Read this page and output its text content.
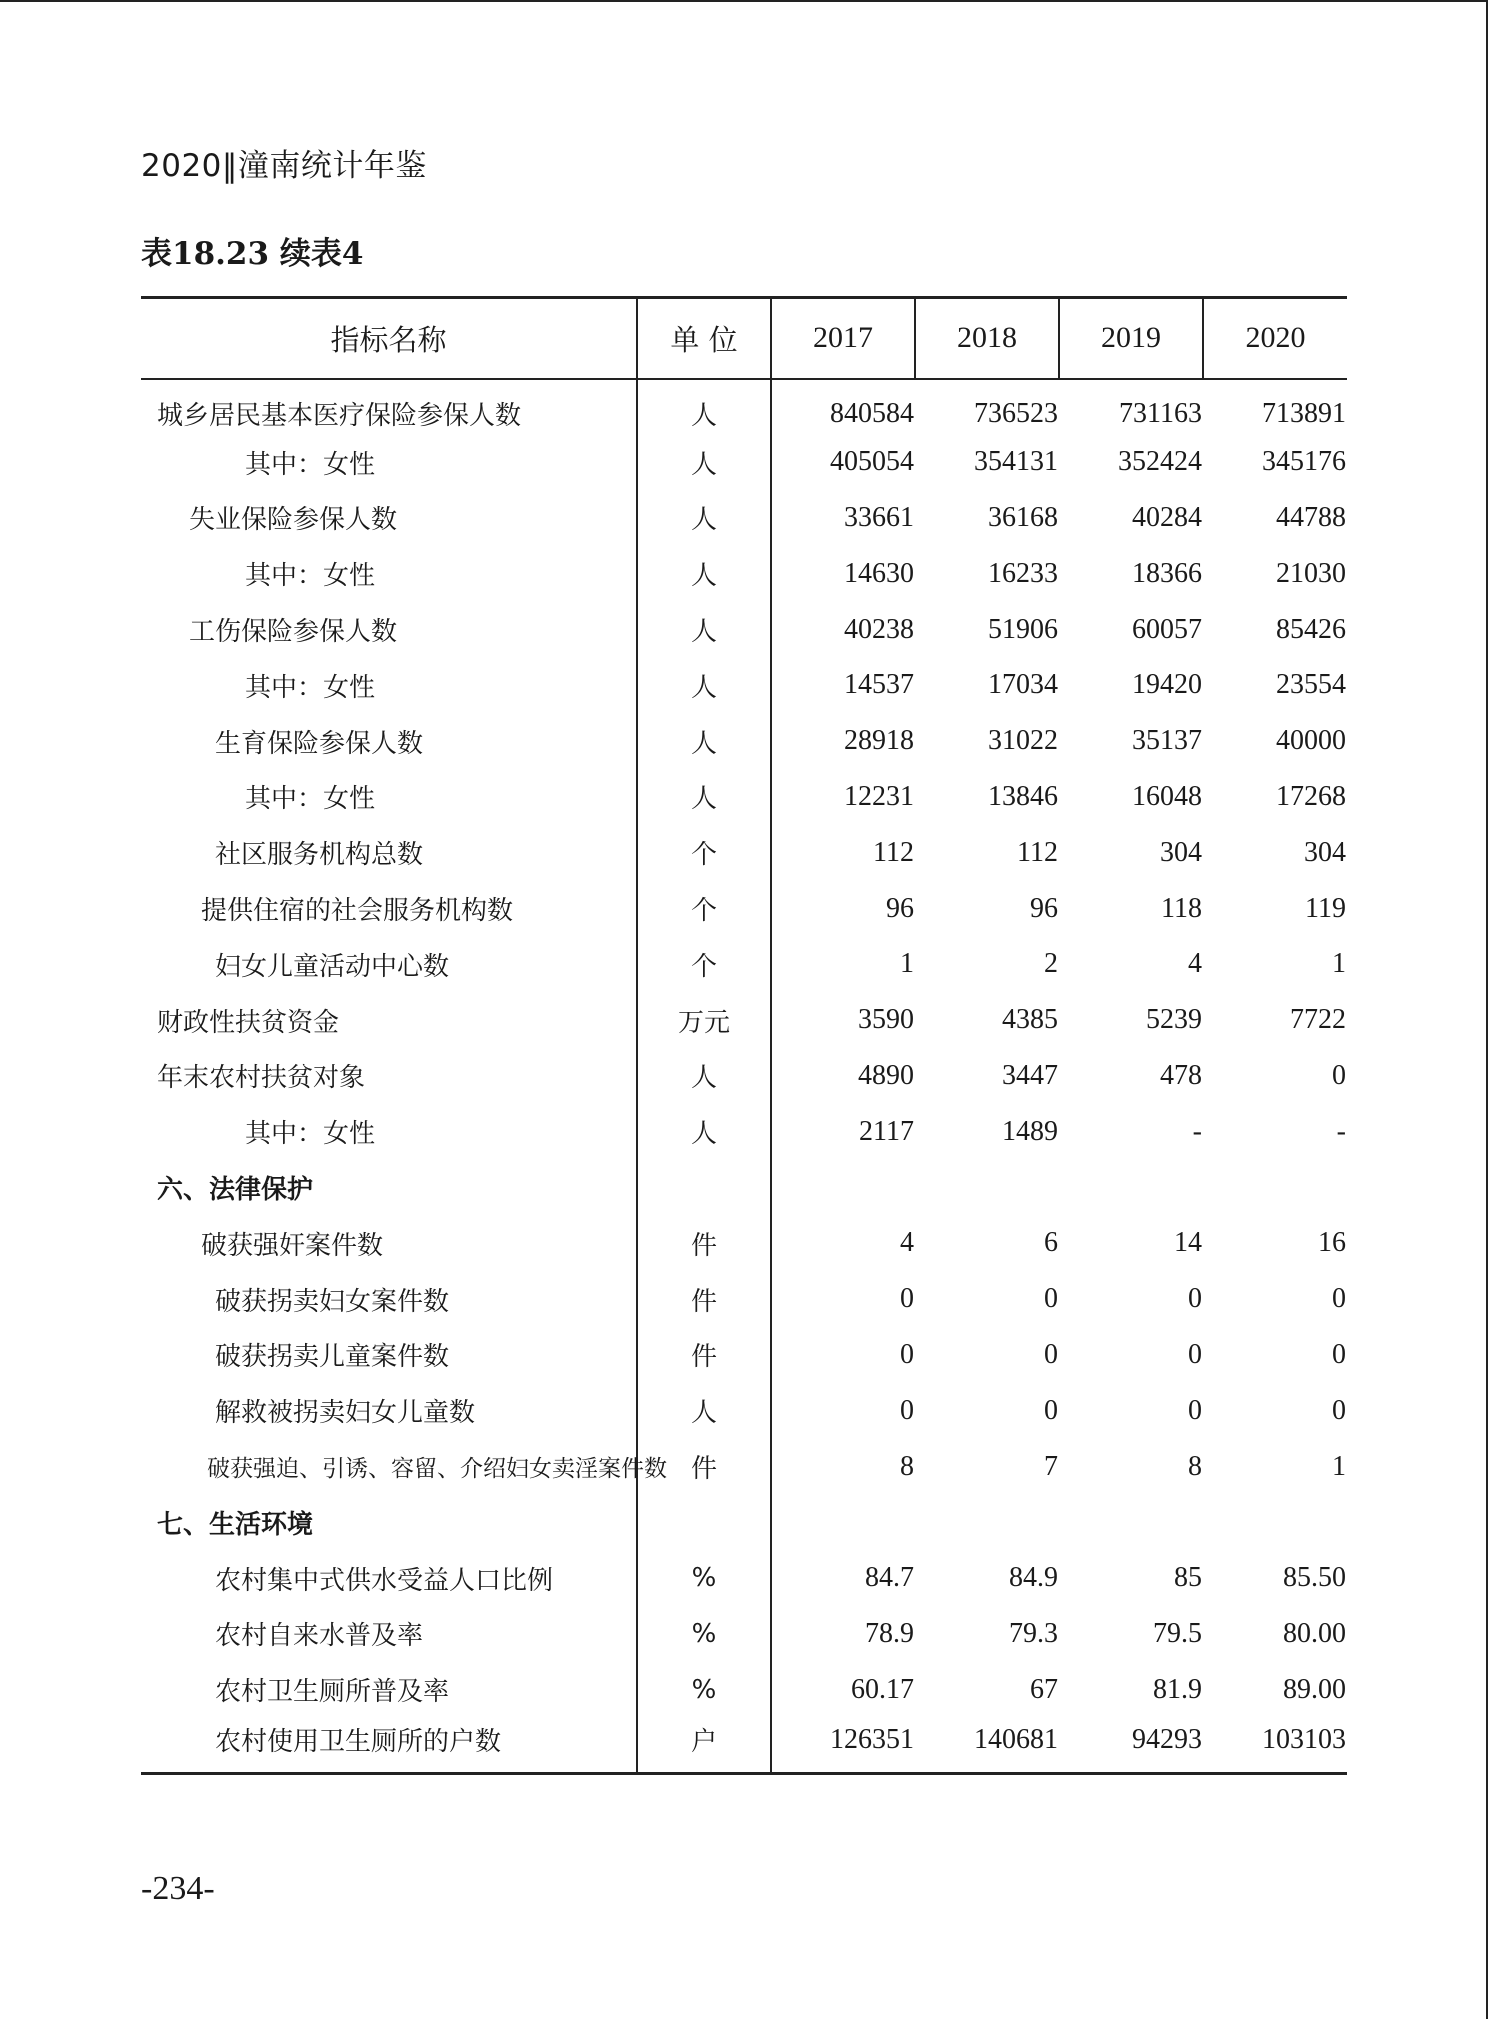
2020‖潼南统计年鉴
表18.23 续表4
指标名称	单 位	2017	2018	2019	2020
城乡居民基本医疗保险参保人数	人	840584	736523	731163	713891
其中：女性	人	405054	354131	352424	345176
失业保险参保人数	人	33661	36168	40284	44788
其中：女性	人	14630	16233	18366	21030
工伤保险参保人数	人	40238	51906	60057	85426
其中：女性	人	14537	17034	19420	23554
生育保险参保人数	人	28918	31022	35137	40000
其中：女性	人	12231	13846	16048	17268
社区服务机构总数	个	112	112	304	304
提供住宿的社会服务机构数	个	96	96	118	119
妇女儿童活动中心数	个	1	2	4	1
财政性扶贫资金	万元	3590	4385	5239	7722
年末农村扶贫对象	人	4890	3447	478	0
其中：女性	人	2117	1489	-	-
六、法律保护					
破获强奸案件数	件	4	6	14	16
破获拐卖妇女案件数	件	0	0	0	0
破获拐卖儿童案件数	件	0	0	0	0
解救被拐卖妇女儿童数	人	0	0	0	0
破获强迫、引诱、容留、介绍妇女卖淫案件数	件	8	7	8	1
七、生活环境					
农村集中式供水受益人口比例	%	84.7	84.9	85	85.50
农村自来水普及率	%	78.9	79.3	79.5	80.00
农村卫生厕所普及率	%	60.17	67	81.9	89.00
农村使用卫生厕所的户数	户	126351	140681	94293	103103
-234-
